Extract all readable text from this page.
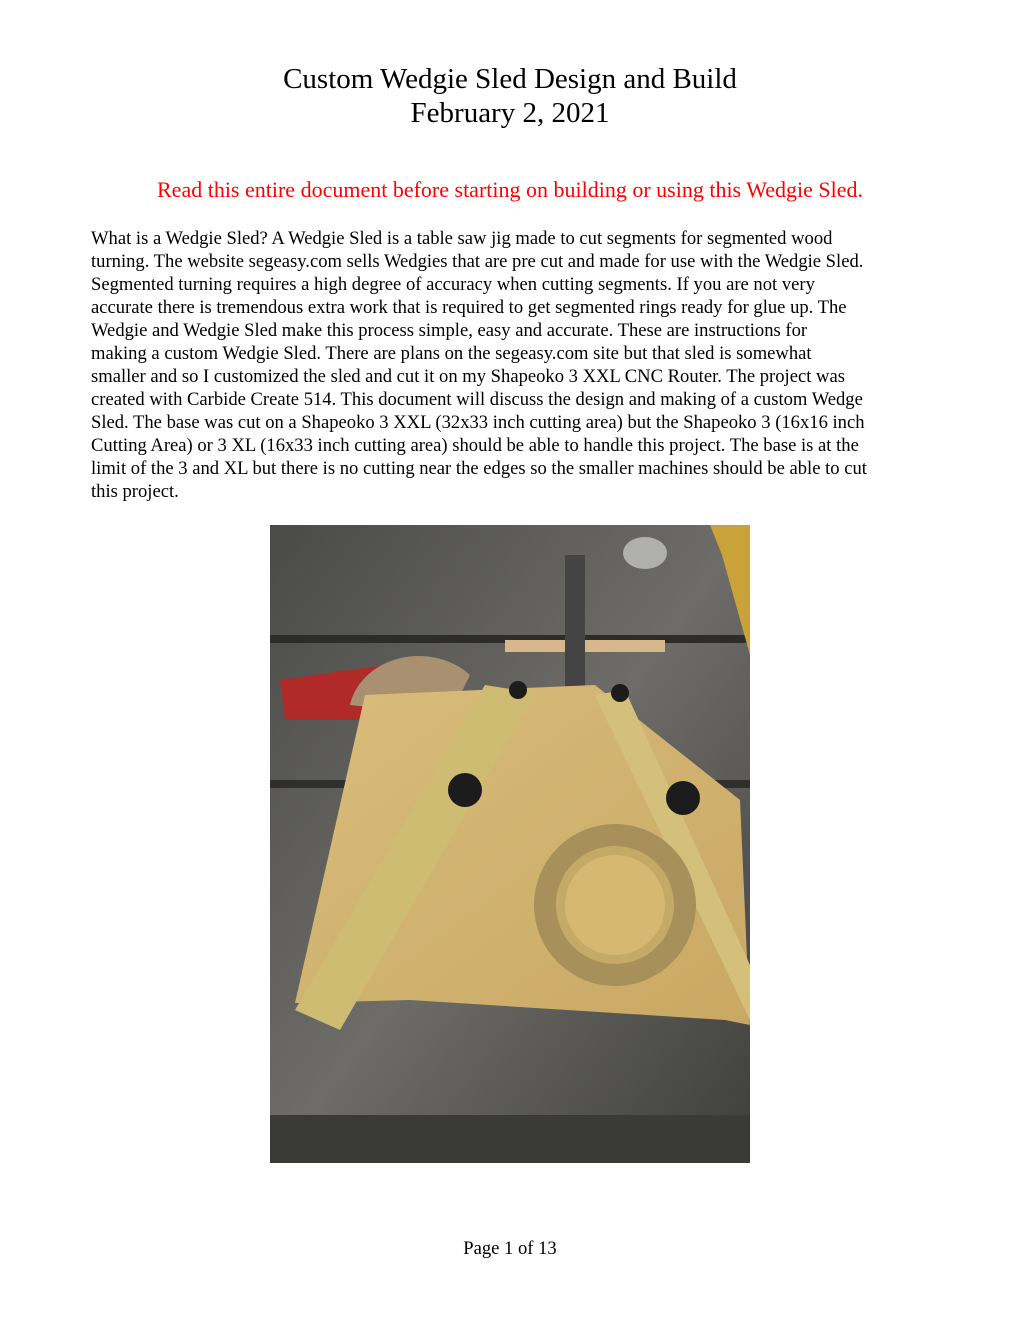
Custom Wedgie Sled Design and Build
February 2, 2021
Read this entire document before starting on building or using this Wedgie Sled.
What is a Wedgie Sled? A Wedgie Sled is a table saw jig made to cut segments for segmented wood
turning. The website segeasy.com sells Wedgies that are pre cut and made for use with the Wedgie Sled.
Segmented turning requires a high degree of accuracy when cutting segments. If you are not very
accurate there is tremendous extra work that is required to get segmented rings ready for glue up. The
Wedgie and Wedgie Sled make this process simple, easy and accurate. These are instructions for
making a custom Wedgie Sled. There are plans on the segeasy.com site but that sled is somewhat
smaller and so I customized the sled and cut it on my Shapeoko 3 XXL CNC Router. The project was
created with Carbide Create 514. This document will discuss the design and making of a custom Wedge
Sled. The base was cut on a Shapeoko 3 XXL (32x33 inch cutting area) but the Shapeoko 3 (16x16 inch
Cutting Area) or 3 XL (16x33 inch cutting area) should be able to handle this project. The base is at the
limit of the 3 and XL but there is no cutting near the edges so the smaller machines should be able to cut
this project.
Page 1 of 13
